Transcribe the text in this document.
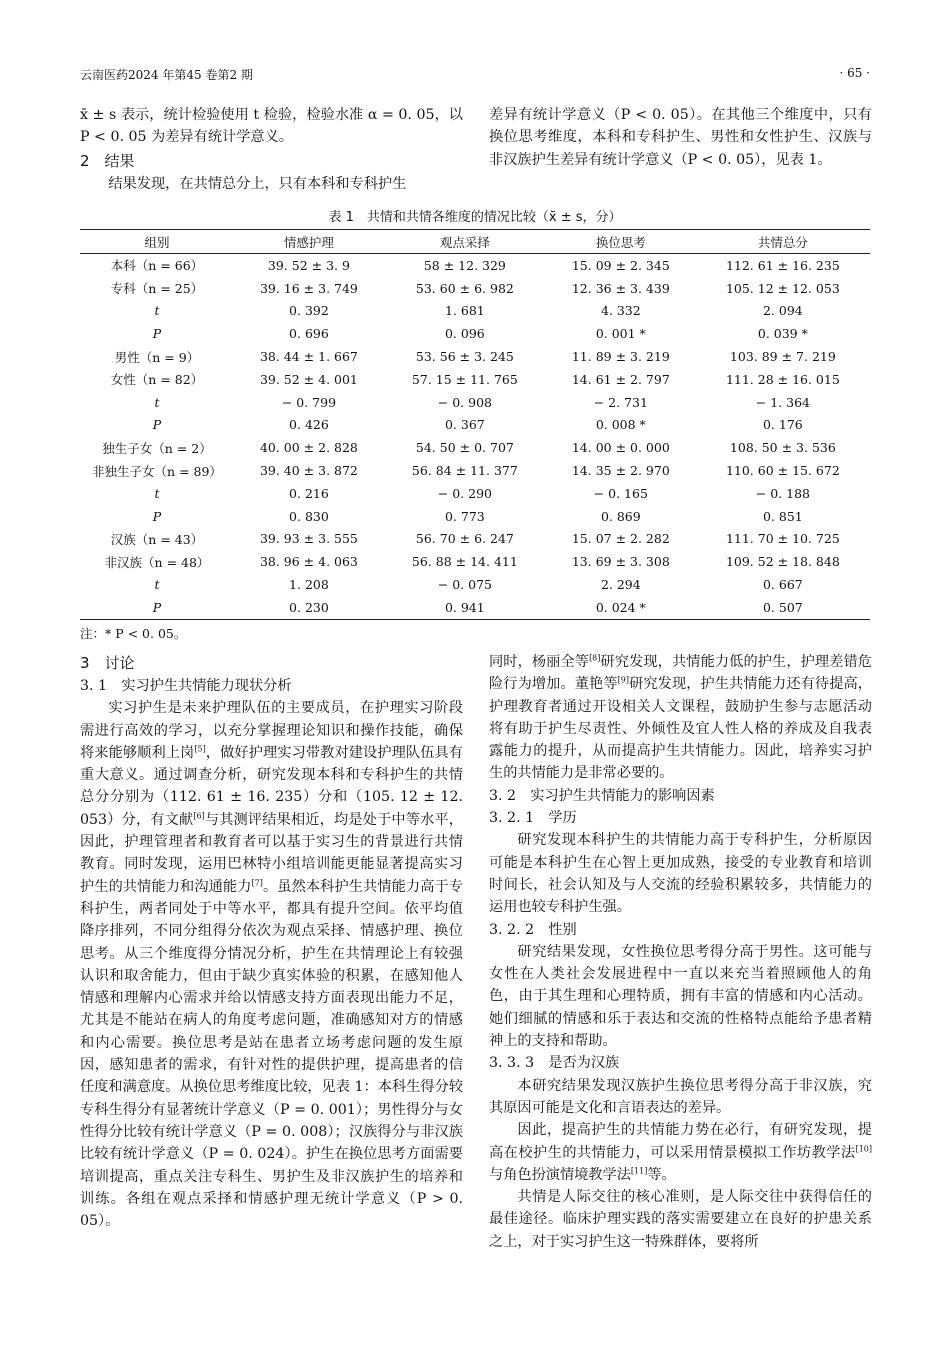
云南医药2024 年第45 卷第2 期	· 65 ·

x̄ ± s 表示，统计检验使用 t 检验，检验水准 α = 0. 05，以 P < 0. 05 为差异有统计学意义。

2　结果

结果发现，在共情总分上，只有本科和专科护生

差异有统计学意义（P < 0. 05）。在其他三个维度中，只有换位思考维度，本科和专科护生、男性和女性护生、汉族与非汉族护生差异有统计学意义（P < 0. 05），见表 1。

表 1　共情和共情各维度的情况比较（x̄ ± s，分）
组别	情感护理	观点采择	换位思考	共情总分
本科（n = 66）	39. 52 ± 3. 9	58 ± 12. 329	15. 09 ± 2. 345	112. 61 ± 16. 235
专科（n = 25）	39. 16 ± 3. 749	53. 60 ± 6. 982	12. 36 ± 3. 439	105. 12 ± 12. 053
t	0. 392	1. 681	4. 332	2. 094
P	0. 696	0. 096	0. 001 *	0. 039 *
男性（n = 9）	38. 44 ± 1. 667	53. 56 ± 3. 245	11. 89 ± 3. 219	103. 89 ± 7. 219
女性（n = 82）	39. 52 ± 4. 001	57. 15 ± 11. 765	14. 61 ± 2. 797	111. 28 ± 16. 015
t	− 0. 799	− 0. 908	− 2. 731	− 1. 364
P	0. 426	0. 367	0. 008 *	0. 176
独生子女（n = 2）	40. 00 ± 2. 828	54. 50 ± 0. 707	14. 00 ± 0. 000	108. 50 ± 3. 536
非独生子女（n = 89）	39. 40 ± 3. 872	56. 84 ± 11. 377	14. 35 ± 2. 970	110. 60 ± 15. 672
t	0. 216	− 0. 290	− 0. 165	− 0. 188
P	0. 830	0. 773	0. 869	0. 851
汉族（n = 43）	39. 93 ± 3. 555	56. 70 ± 6. 247	15. 07 ± 2. 282	111. 70 ± 10. 725
非汉族（n = 48）	38. 96 ± 4. 063	56. 88 ± 14. 411	13. 69 ± 3. 308	109. 52 ± 18. 848
t	1. 208	− 0. 075	2. 294	0. 667
P	0. 230	0. 941	0. 024 *	0. 507
注：* P < 0. 05。

3　讨论

3. 1　实习护生共情能力现状分析

实习护生是未来护理队伍的主要成员，在护理实习阶段需进行高效的学习，以充分掌握理论知识和操作技能，确保将来能够顺利上岗[5]，做好护理实习带教对建设护理队伍具有重大意义。通过调查分析，研究发现本科和专科护生的共情总分分别为（112. 61 ± 16. 235）分和（105. 12 ± 12. 053）分，有文献[6]与其测评结果相近，均是处于中等水平，因此，护理管理者和教育者可以基于实习生的背景进行共情教育。同时发现，运用巴林特小组培训能更能显著提高实习护生的共情能力和沟通能力[7]。虽然本科护生共情能力高于专科护生，两者同处于中等水平，都具有提升空间。依平均值降序排列，不同分组得分依次为观点采择、情感护理、换位思考。从三个维度得分情况分析，护生在共情理论上有较强认识和取舍能力，但由于缺少真实体验的积累，在感知他人情感和理解内心需求并给以情感支持方面表现出能力不足，尤其是不能站在病人的角度考虑问题，准确感知对方的情感和内心需要。换位思考是站在患者立场考虑问题的发生原因，感知患者的需求，有针对性的提供护理，提高患者的信任度和满意度。从换位思考维度比较，见表 1：本科生得分较专科生得分有显著统计学意义（P = 0. 001）；男性得分与女性得分比较有统计学意义（P = 0. 008）；汉族得分与非汉族比较有统计学意义（P = 0. 024）。护生在换位思考方面需要培训提高，重点关注专科生、男护生及非汉族护生的培养和训练。各组在观点采择和情感护理无统计学意义（P > 0. 05）。

同时，杨丽全等[8]研究发现，共情能力低的护生，护理差错危险行为增加。董艳等[9]研究发现，护生共情能力还有待提高，护理教育者通过开设相关人文课程，鼓励护生参与志愿活动将有助于护生尽责性、外倾性及宜人性人格的养成及自我表露能力的提升，从而提高护生共情能力。因此，培养实习护生的共情能力是非常必要的。

3. 2　实习护生共情能力的影响因素

3. 2. 1　学历

研究发现本科护生的共情能力高于专科护生，分析原因可能是本科护生在心智上更加成熟，接受的专业教育和培训时间长，社会认知及与人交流的经验积累较多，共情能力的运用也较专科护生强。

3. 2. 2　性别

研究结果发现，女性换位思考得分高于男性。这可能与女性在人类社会发展进程中一直以来充当着照顾他人的角色，由于其生理和心理特质，拥有丰富的情感和内心活动。她们细腻的情感和乐于表达和交流的性格特点能给予患者精神上的支持和帮助。

3. 3. 3　是否为汉族

本研究结果发现汉族护生换位思考得分高于非汉族，究其原因可能是文化和言语表达的差异。

因此，提高护生的共情能力势在必行，有研究发现，提高在校护生的共情能力，可以采用情景模拟工作坊教学法[10]与角色扮演情境教学法[11]等。

共情是人际交往的核心准则，是人际交往中获得信任的最佳途径。临床护理实践的落实需要建立在良好的护患关系之上，对于实习护生这一特殊群体，要将所
